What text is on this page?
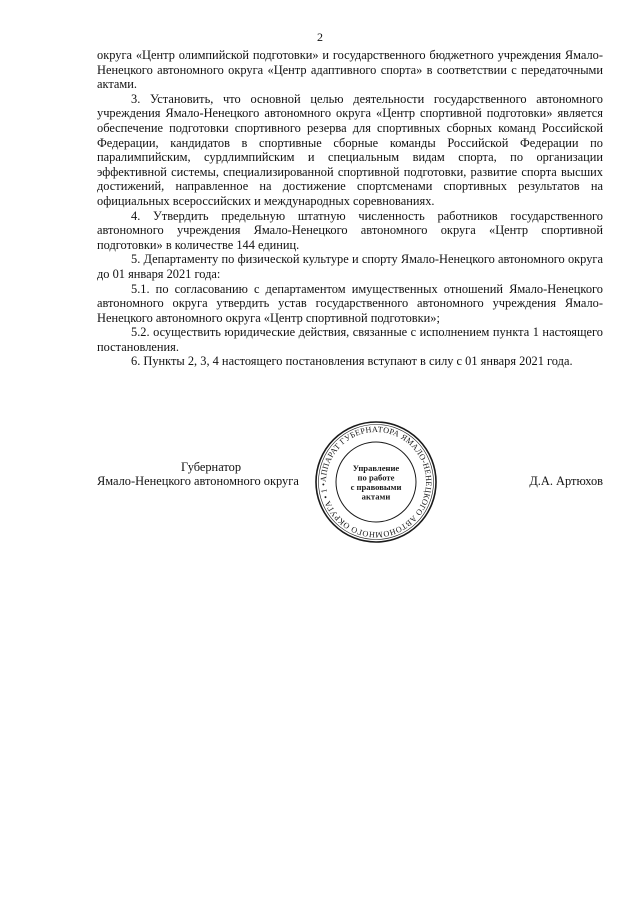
2

округа «Центр олимпийской подготовки» и государственного бюджетного учреждения Ямало-Ненецкого автономного округа «Центр адаптивного спорта» в соответствии с передаточными актами.

3. Установить, что основной целью деятельности государственного автономного учреждения Ямало-Ненецкого автономного округа «Центр спортивной подготовки» является обеспечение подготовки спортивного резерва для спортивных сборных команд Российской Федерации, кандидатов в спортивные сборные команды Российской Федерации по паралимпийским, сурдлимпийским и специальным видам спорта, по организации эффективной системы, специализированной спортивной подготовки, развитие спорта высших достижений, направленное на достижение спортсменами спортивных результатов на официальных всероссийских и международных соревнованиях.

4. Утвердить предельную штатную численность работников государственного автономного учреждения Ямало-Ненецкого автономного округа «Центр спортивной подготовки» в количестве 144 единиц.

5. Департаменту по физической культуре и спорту Ямало-Ненецкого автономного округа до 01 января 2021 года:

5.1. по согласованию с департаментом имущественных отношений Ямало-Ненецкого автономного округа утвердить устав государственного автономного учреждения Ямало-Ненецкого автономного округа «Центр спортивной подготовки»;

5.2. осуществить юридические действия, связанные с исполнением пункта 1 настоящего постановления.

6. Пункты 2, 3, 4 настоящего постановления вступают в силу с 01 января 2021 года.

Губернатор
Ямало-Ненецкого автономного округа	Д.А. Артюхов
АППАРАТ ГУБЕРНАТОРА ЯМАЛО-НЕНЕЦКОГО АВТОНОМНОГО ОКРУГА • 1 •
Управление по работе с правовыми актами
